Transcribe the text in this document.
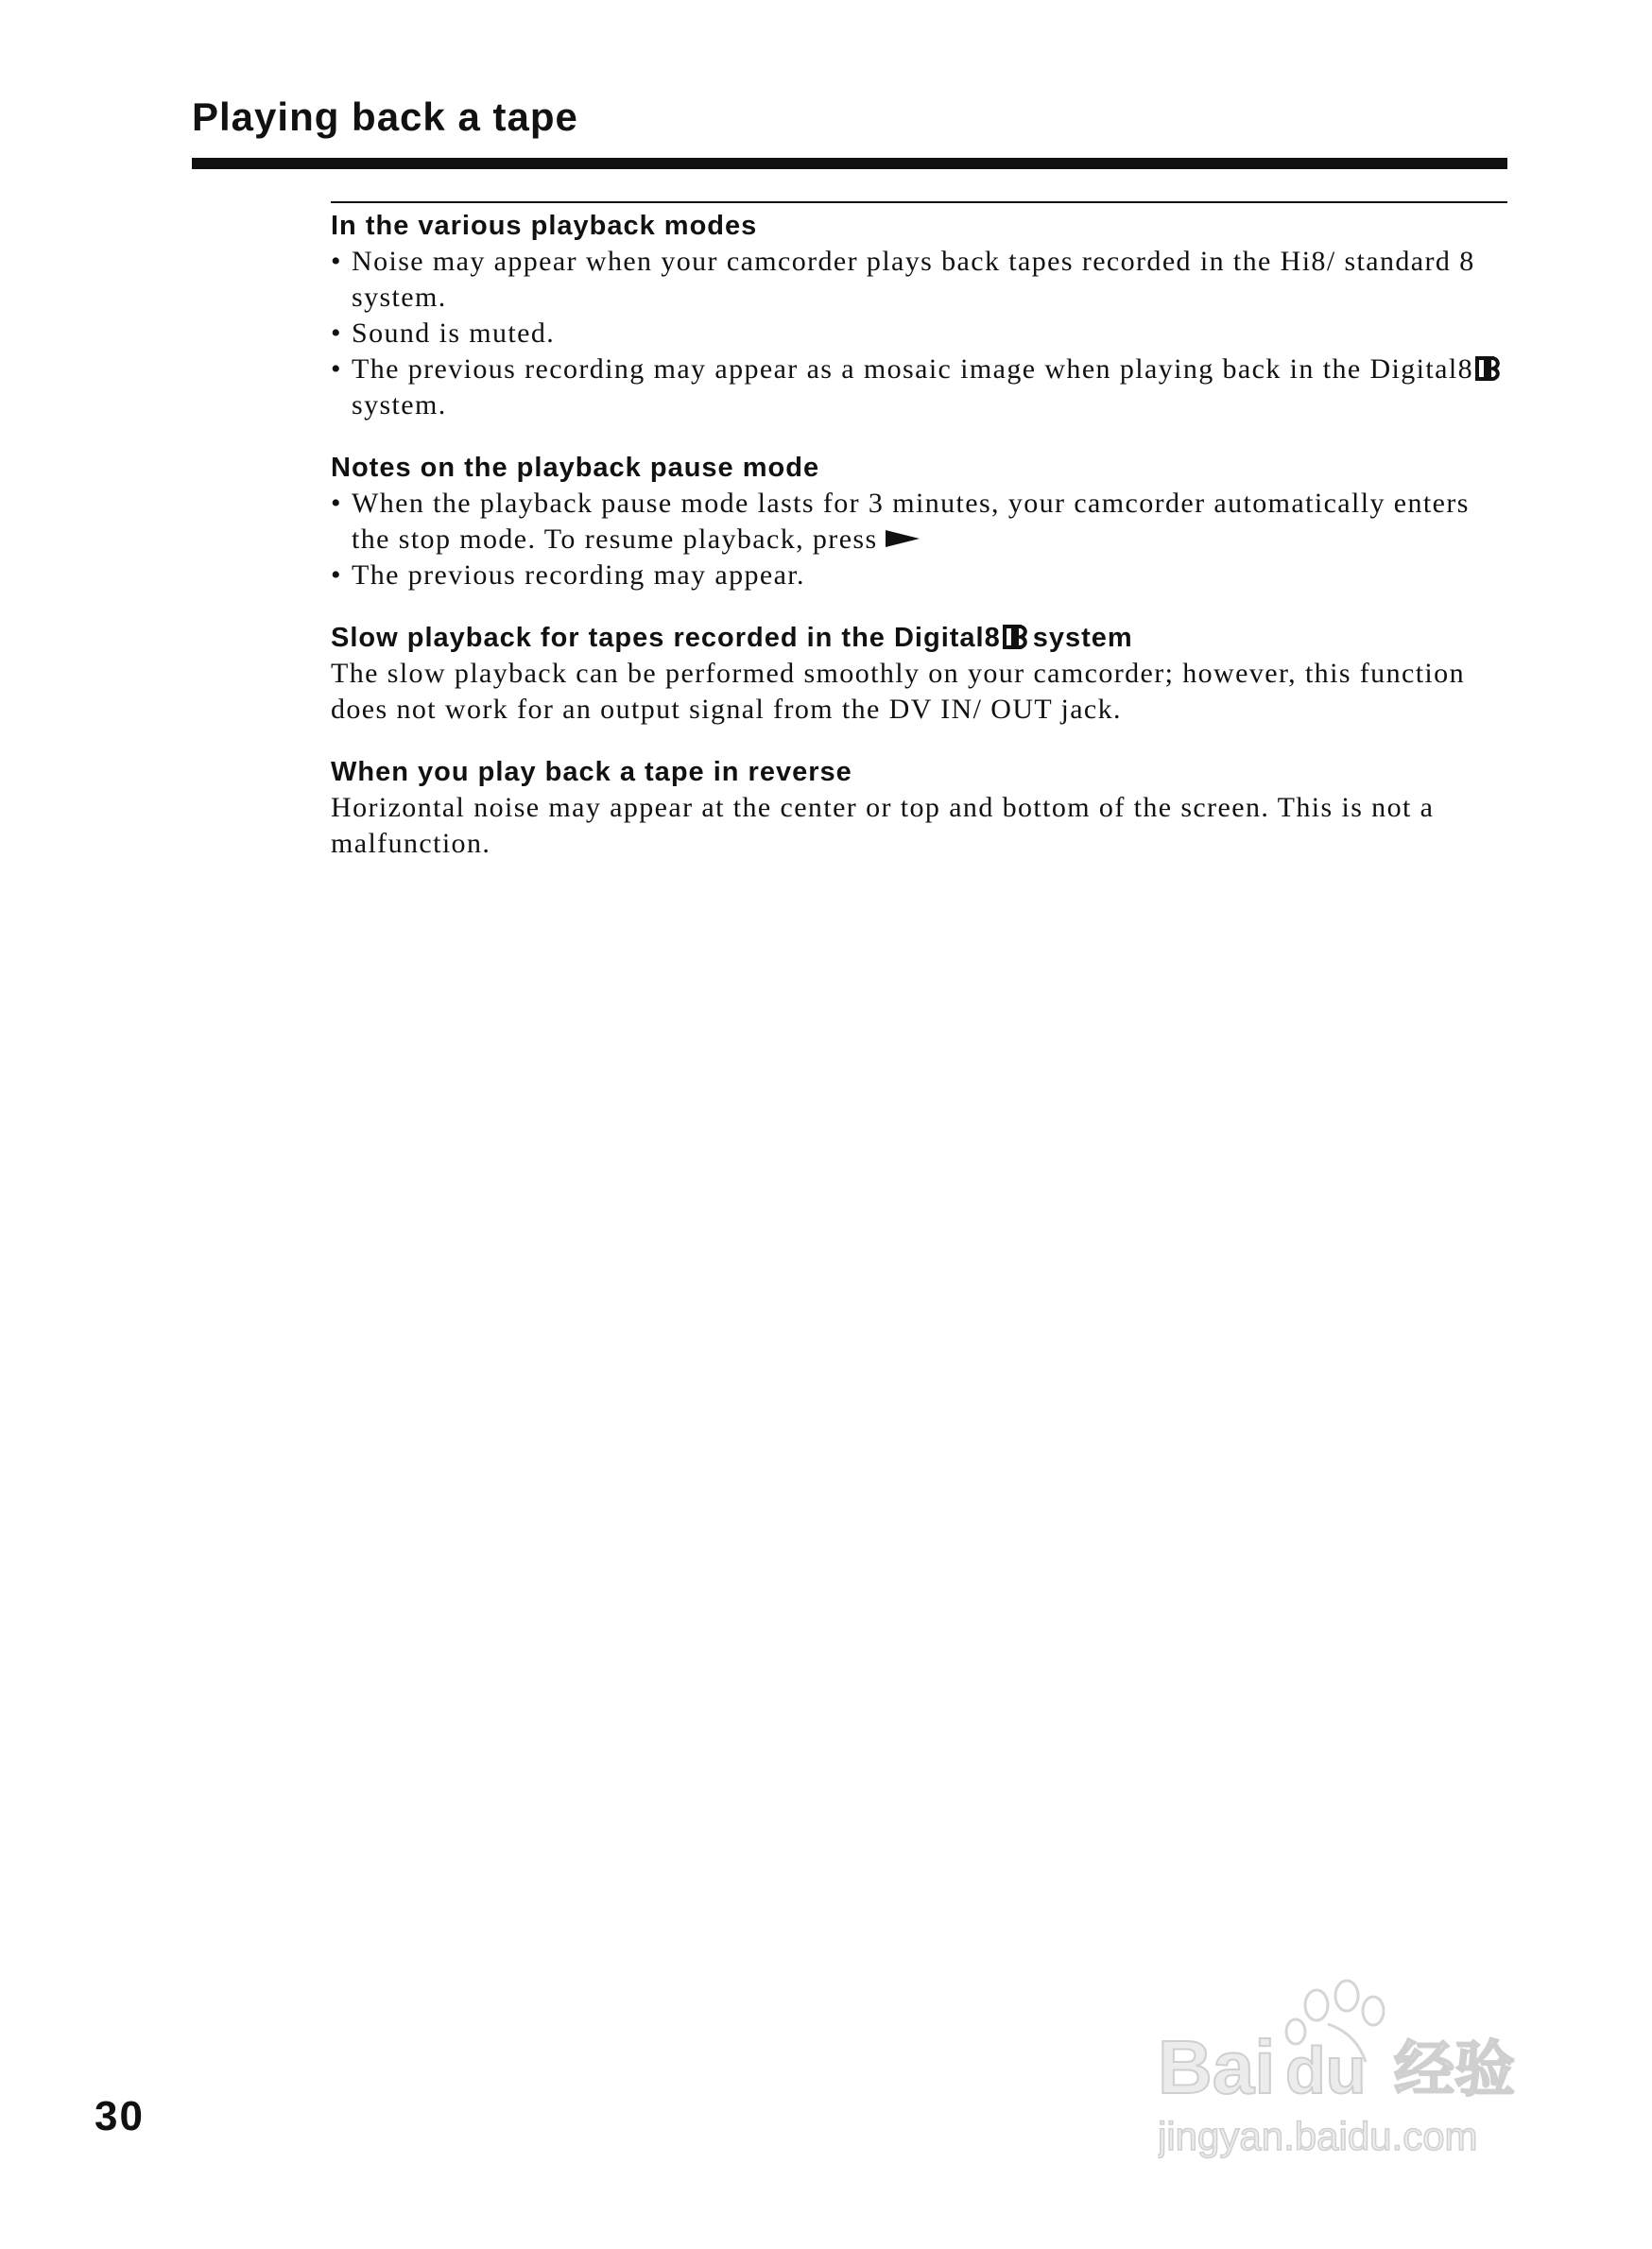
Playing back a tape
In the various playback modes
• Noise may appear when your camcorder plays back tapes recorded in the Hi8/ standard 8 system.
• Sound is muted.
• The previous recording may appear as a mosaic image when playing back in the Digital8system.
Notes on the playback pause mode
• When the playback pause mode lasts for 3 minutes, your camcorder automatically enters the stop mode. To resume playback, press
• The previous recording may appear.
Slow playback for tapes recorded in the Digital8 system

The slow playback can be performed smoothly on your camcorder; however, this function does not work for an output signal from the DV IN/ OUT jack.

When you play back a tape in reverse

Horizontal noise may appear at the center or top and bottom of the screen. This is not a malfunction.

30
Bai du 经验
jingyan.baidu.com
